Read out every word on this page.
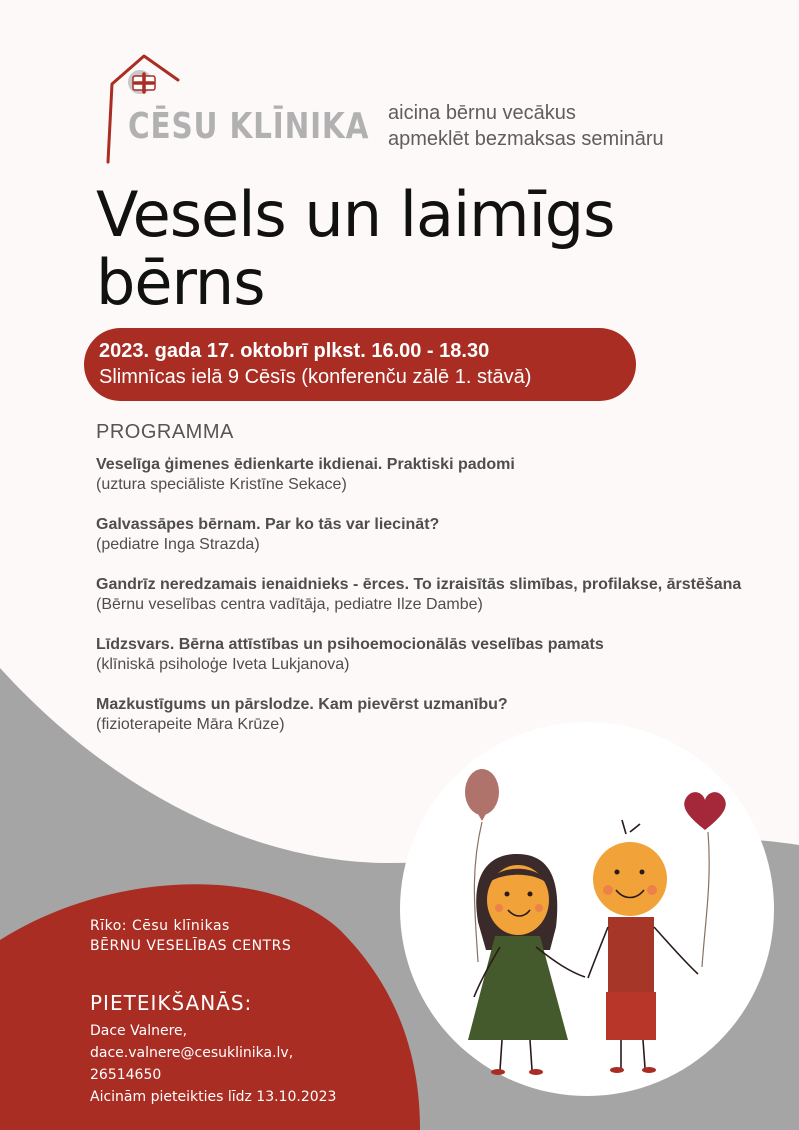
CĒSU KLĪNIKA aicina bērnu vecākus
apmeklēt bezmaksas semināru
Vesels un laimīgs
bērns
2023. gada 17. oktobrī plkst. 16.00 - 18.30
Slimnīcas ielā 9 Cēsīs (konferenču zālē 1. stāvā)
PROGRAMMA
Veselīga ģimenes ēdienkarte ikdienai. Praktiski padomi
(uztura speciāliste Kristīne Sekace)
Galvassāpes bērnam. Par ko tās var liecināt?
(pediatre Inga Strazda)
Gandrīz neredzamais ienaidnieks - ērces. To izraisītās slimības, profilakse, ārstēšana
(Bērnu veselības centra vadītāja, pediatre Ilze Dambe)
Līdzsvars. Bērna attīstības un psihoemocionālās veselības pamats
(klīniskā psiholoģe Iveta Lukjanova)
Mazkustīgums un pārslodze. Kam pievērst uzmanību?
(fizioterapeite Māra Krūze)
Rīko: Cēsu klīnikas
BĒRNU VESELĪBAS CENTRS
PIETEIKŠANĀS:
Dace Valnere,
dace.valnere@cesuklinika.lv,
26514650
Aicinām pieteikties līdz 13.10.2023
